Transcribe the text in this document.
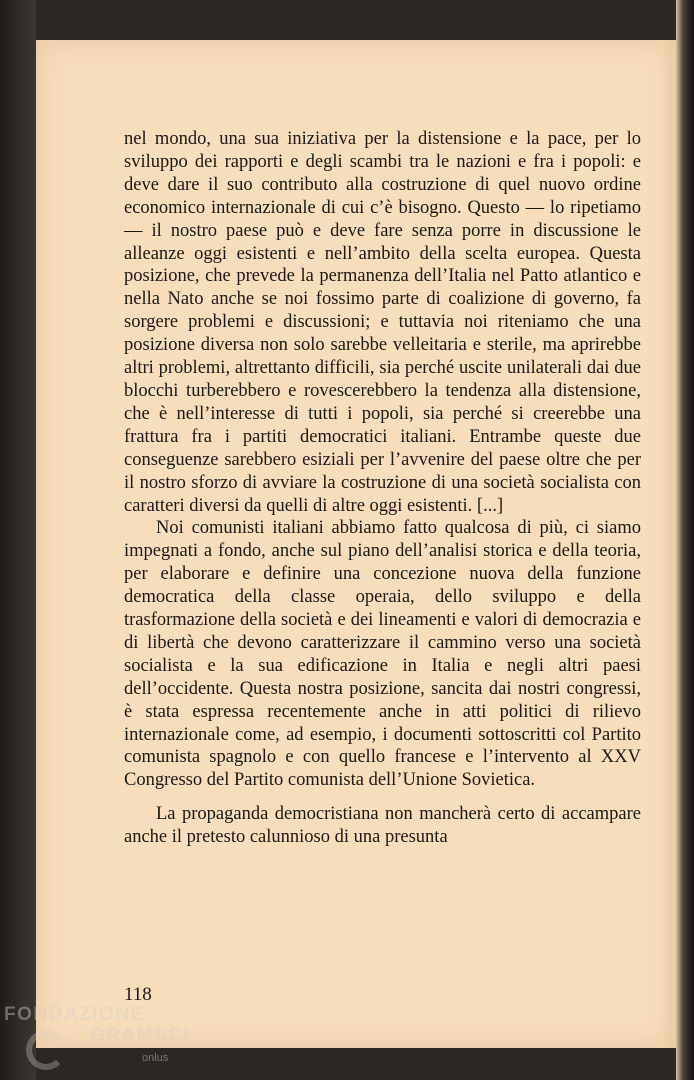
nel mondo, una sua iniziativa per la distensione e la pace, per lo sviluppo dei rapporti e degli scambi tra le nazioni e fra i popoli: e deve dare il suo contributo alla costruzione di quel nuovo ordine economico internazionale di cui c’è bisogno. Questo — lo ripetiamo — il nostro paese può e deve fare senza porre in discussione le alleanze oggi esistenti e nell’ambito della scelta europea. Questa posizione, che prevede la permanenza dell’Italia nel Patto atlantico e nella Nato anche se noi fossimo parte di coalizione di governo, fa sorgere problemi e discussioni; e tuttavia noi riteniamo che una posizione diversa non solo sarebbe velleitaria e sterile, ma aprirebbe altri problemi, altrettanto difficili, sia perché uscite unilaterali dai due blocchi turberebbero e rovescerebbero la tendenza alla distensione, che è nell’interesse di tutti i popoli, sia perché si creerebbe una frattura fra i partiti democratici italiani. Entrambe queste due conseguenze sarebbero esiziali per l’avvenire del paese oltre che per il nostro sforzo di avviare la costruzione di una società socialista con caratteri diversi da quelli di altre oggi esistenti. [...]

Noi comunisti italiani abbiamo fatto qualcosa di più, ci siamo impegnati a fondo, anche sul piano dell’analisi storica e della teoria, per elaborare e definire una concezione nuova della funzione democratica della classe operaia, dello sviluppo e della trasformazione della società e dei lineamenti e valori di democrazia e di libertà che devono caratterizzare il cammino verso una società socialista e la sua edificazione in Italia e negli altri paesi dell’occidente. Questa nostra posizione, sancita dai nostri congressi, è stata espressa recentemente anche in atti politici di rilievo internazionale come, ad esempio, i documenti sottoscritti col Partito comunista spagnolo e con quello francese e l’intervento al XXV Congresso del Partito comunista dell’Unione Sovietica.

La propaganda democristiana non mancherà certo di accampare anche il pretesto calunnioso di una presunta

118
FONDAZIONE
GRAMSCI
onlus
